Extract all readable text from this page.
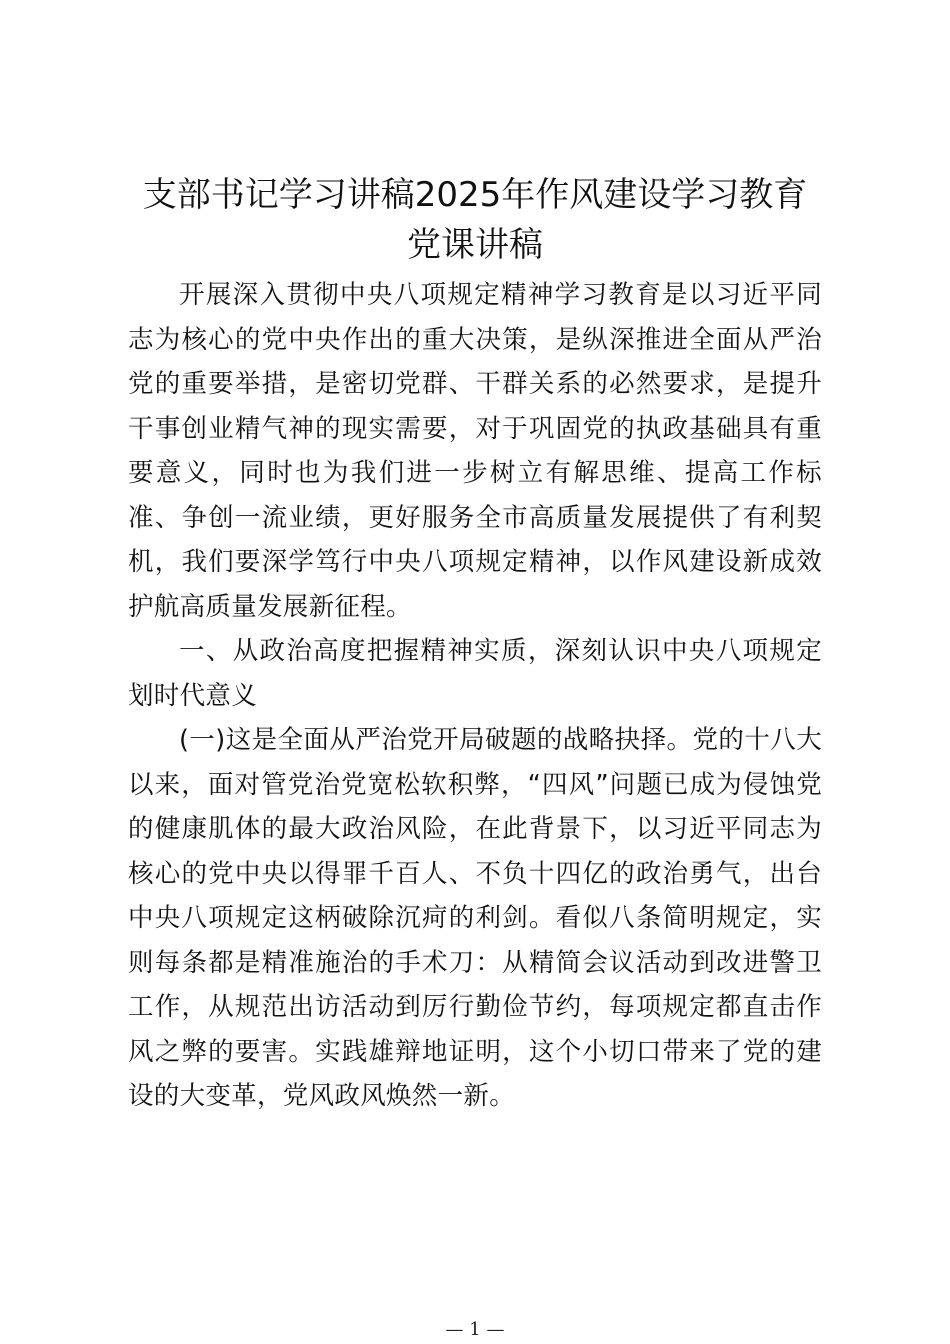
支部书记学习讲稿2025年作风建设学习教育
党课讲稿

开展深入贯彻中央八项规定精神学习教育是以习近平同志为核心的党中央作出的重大决策，是纵深推进全面从严治党的重要举措，是密切党群、干群关系的必然要求，是提升干事创业精气神的现实需要，对于巩固党的执政基础具有重要意义，同时也为我们进一步树立有解思维、提高工作标准、争创一流业绩，更好服务全市高质量发展提供了有利契机，我们要深学笃行中央八项规定精神，以作风建设新成效护航高质量发展新征程。

一、从政治高度把握精神实质，深刻认识中央八项规定划时代意义

(一)这是全面从严治党开局破题的战略抉择。党的十八大以来，面对管党治党宽松软积弊，“四风”问题已成为侵蚀党的健康肌体的最大政治风险，在此背景下，以习近平同志为核心的党中央以得罪千百人、不负十四亿的政治勇气，出台中央八项规定这柄破除沉疴的利剑。看似八条简明规定，实则每条都是精准施治的手术刀：从精简会议活动到改进警卫工作，从规范出访活动到厉行勤俭节约，每项规定都直击作风之弊的要害。实践雄辩地证明，这个小切口带来了党的建设的大变革，党风政风焕然一新。

— 1 —
